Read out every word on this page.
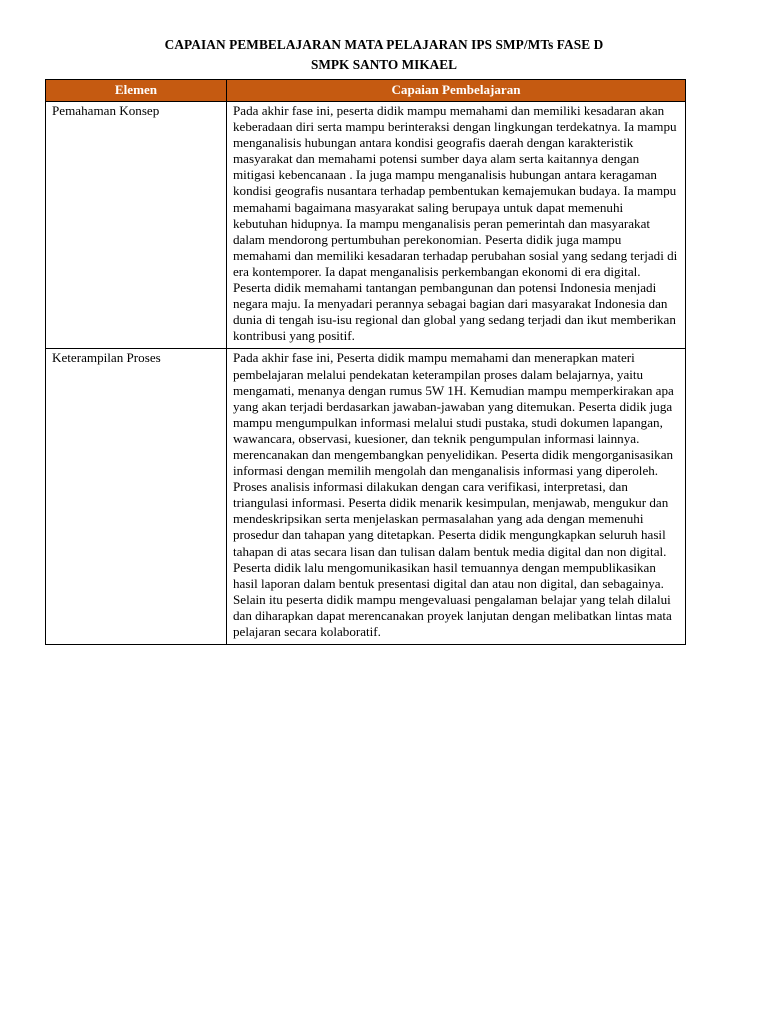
CAPAIAN PEMBELAJARAN MATA PELAJARAN IPS SMP/MTs FASE D
SMPK SANTO MIKAEL
Elemen	Capaian Pembelajaran
Pemahaman Konsep	Pada akhir fase ini, peserta didik mampu memahami dan memiliki kesadaran akan keberadaan diri serta mampu berinteraksi dengan lingkungan terdekatnya. Ia mampu menganalisis hubungan antara kondisi geografis daerah dengan karakteristik masyarakat dan memahami potensi sumber daya alam serta kaitannya dengan mitigasi kebencanaan . Ia juga mampu menganalisis hubungan antara keragaman kondisi geografis nusantara terhadap pembentukan kemajemukan budaya. Ia mampu memahami bagaimana masyarakat saling berupaya untuk dapat memenuhi kebutuhan hidupnya. Ia mampu menganalisis peran pemerintah dan masyarakat dalam mendorong pertumbuhan perekonomian. Peserta didik juga mampu memahami dan memiliki kesadaran terhadap perubahan sosial yang sedang terjadi di era kontemporer. Ia dapat menganalisis perkembangan ekonomi di era digital. Peserta didik memahami tantangan pembangunan dan potensi Indonesia menjadi negara maju. Ia menyadari perannya sebagai bagian dari masyarakat Indonesia dan dunia di tengah isu-isu regional dan global yang sedang terjadi dan ikut memberikan kontribusi yang positif.
Keterampilan Proses	Pada akhir fase ini, Peserta didik mampu memahami dan menerapkan materi pembelajaran melalui pendekatan keterampilan proses dalam belajarnya, yaitu mengamati, menanya dengan rumus 5W 1H. Kemudian mampu memperkirakan apa yang akan terjadi berdasarkan jawaban-jawaban yang ditemukan. Peserta didik juga mampu mengumpulkan informasi melalui studi pustaka, studi dokumen lapangan, wawancara, observasi, kuesioner, dan teknik pengumpulan informasi lainnya. merencanakan dan mengembangkan penyelidikan. Peserta didik mengorganisasikan informasi dengan memilih mengolah dan menganalisis informasi yang diperoleh. Proses analisis informasi dilakukan dengan cara verifikasi, interpretasi, dan triangulasi informasi. Peserta didik menarik kesimpulan, menjawab, mengukur dan mendeskripsikan serta menjelaskan permasalahan yang ada dengan memenuhi prosedur dan tahapan yang ditetapkan. Peserta didik mengungkapkan seluruh hasil tahapan di atas secara lisan dan tulisan dalam bentuk media digital dan non digital. Peserta didik lalu mengomunikasikan hasil temuannya dengan mempublikasikan hasil laporan dalam bentuk presentasi digital dan atau non digital, dan sebagainya. Selain itu peserta didik mampu mengevaluasi pengalaman belajar yang telah dilalui dan diharapkan dapat merencanakan proyek lanjutan dengan melibatkan lintas mata pelajaran secara kolaboratif.
